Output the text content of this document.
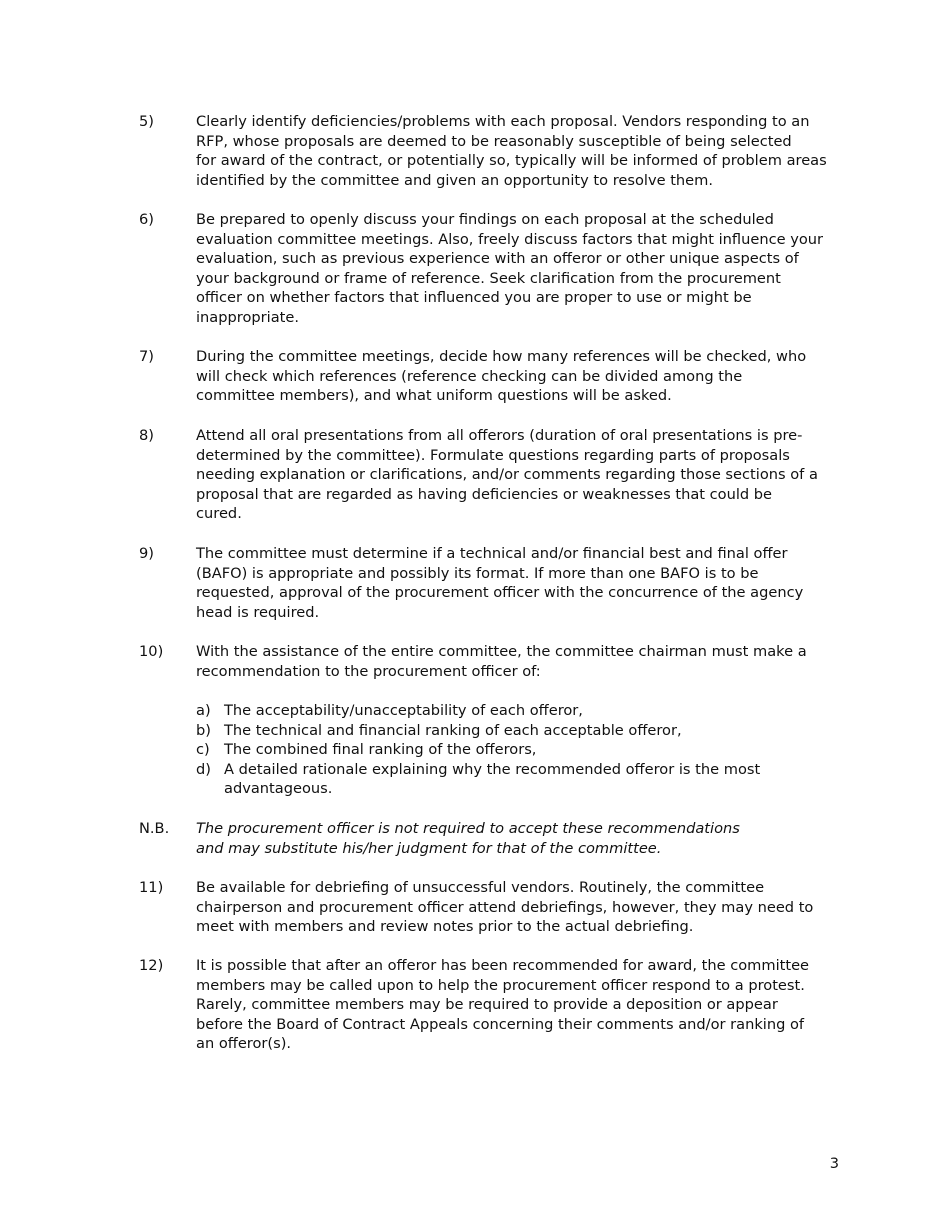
5)	Clearly identify deficiencies/problems with each proposal. Vendors responding to an
RFP, whose proposals are deemed to be reasonably susceptible of being selected
for award of the contract, or potentially so, typically will be informed of problem areas
identified by the committee and given an opportunity to resolve them.
6)	Be prepared to openly discuss your findings on each proposal at the scheduled
evaluation committee meetings. Also, freely discuss factors that might influence your
evaluation, such as previous experience with an offeror or other unique aspects of
your background or frame of reference. Seek clarification from the procurement
officer on whether factors that influenced you are proper to use or might be
inappropriate.
7)	During the committee meetings, decide how many references will be checked, who
will check which references (reference checking can be divided among the
committee members), and what uniform questions will be asked.
8)	Attend all oral presentations from all offerors (duration of oral presentations is pre-
determined by the committee). Formulate questions regarding parts of proposals
needing explanation or clarifications, and/or comments regarding those sections of a
proposal that are regarded as having deficiencies or weaknesses that could be
cured.
9)	The committee must determine if a technical and/or financial best and final offer
(BAFO) is appropriate and possibly its format. If more than one BAFO is to be
requested, approval of the procurement officer with the concurrence of the agency
head is required.
10)	With the assistance of the entire committee, the committee chairman must make a
recommendation to the procurement officer of:
a) The acceptability/unacceptability of each offeror,
b) The technical and financial ranking of each acceptable offeror,
c) The combined final ranking of the offerors,
d) A detailed rationale explaining why the recommended offeror is the most
advantageous.
N.B.	The procurement officer is not required to accept these recommendations
and may substitute his/her judgment for that of the committee.
11)	Be available for debriefing of unsuccessful vendors. Routinely, the committee
chairperson and procurement officer attend debriefings, however, they may need to
meet with members and review notes prior to the actual debriefing.
12)	It is possible that after an offeror has been recommended for award, the committee
members may be called upon to help the procurement officer respond to a protest.
Rarely, committee members may be required to provide a deposition or appear
before the Board of Contract Appeals concerning their comments and/or ranking of
an offeror(s).
3
